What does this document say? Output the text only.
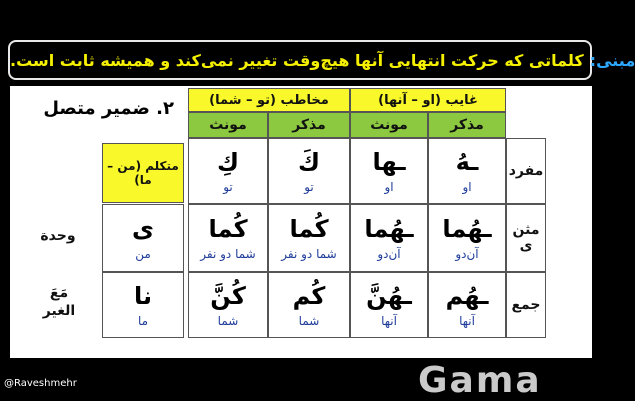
مبنی:
کلماتی که حرکت انتهایی آنها هیچ‌وقت تغییر نمی‌کند و همیشه ثابت است.
۲. ضمیر متصل	غایب (او – آنها)
مخاطب (تو – شما)
مذکر
مونث
مذکر
مونث
متکلم (من – ما)
مفرد
مثن ی
جمع
ـهُ
او
ـها
او
كَ
تو
كِ
تو
ـهُما
آن‌دو
ـهُما
آن‌دو
كُما
شما دو نفر
كُما
شما دو نفر
ی
من
ـهُم
آنها
ـهُنَّ
آنها
كُم
شما
كُنَّ
شما
نا
ما
وحدة
مَعَ الغير
@Raveshmehr	Gama
